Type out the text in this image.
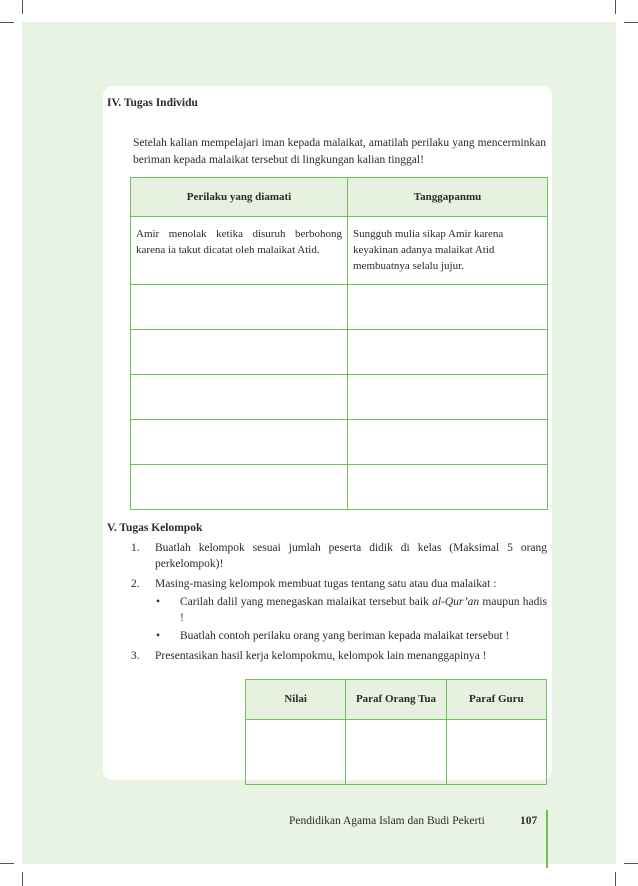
IV. Tugas Individu
Setelah kalian mempelajari iman kepada malaikat, amatilah perilaku yang mencerminkan beriman kepada malaikat tersebut di lingkungan kalian tinggal!
Perilaku yang diamati	Tanggapanmu
Amir menolak ketika disuruh berbohong karena ia takut dicatat oleh malaikat Atid.	Sungguh mulia sikap Amir karena keyakinan adanya malaikat Atid membuatnya selalu jujur.

V. Tugas Kelompok
1.	Buatlah kelompok sesuai jumlah peserta didik di kelas (Maksimal 5 orang perkelompok)!
2.	Masing-masing kelompok membuat tugas tentang satu atau dua malaikat :
• Carilah dalil yang menegaskan malaikat tersebut baik al-Qur’an maupun hadis !
• Buatlah contoh perilaku orang yang beriman kepada malaikat tersebut !
3.	Presentasikan hasil kerja kelompokmu, kelompok lain menanggapinya !
Nilai	Paraf Orang Tua	Paraf Guru

Pendidikan Agama Islam dan Budi Pekerti	107
